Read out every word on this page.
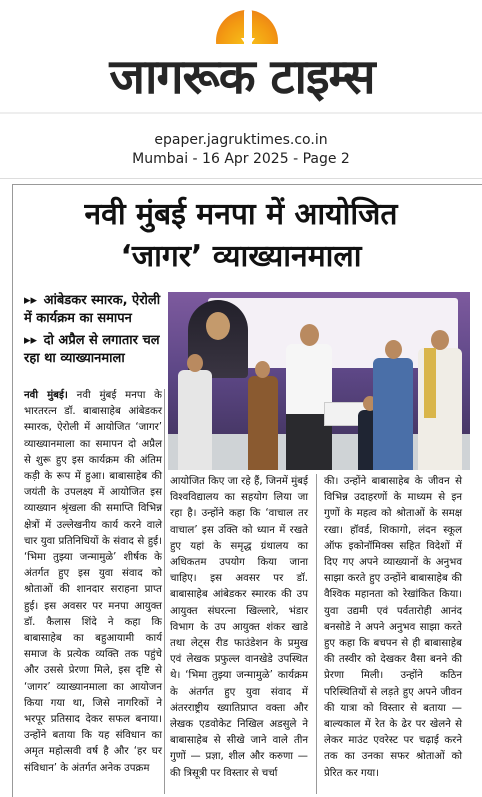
जागरूक टाइम्स
epaper.jagruktimes.co.in
Mumbai - 16 Apr 2025 - Page 2
नवी मुंबई मनपा में आयोजित
‘जागर’ व्याख्यानमाला
▸▸ आंबेडकर स्मारक, ऐरोली में कार्यक्रम का समापन
▸▸ दो अप्रैल से लगातार चल रहा था व्याख्यानमाला
नवी मुंबई। नवी मुंबई मनपा के भारतरत्न डॉ. बाबासाहेब आंबेडकर स्मारक, ऐरोली में आयोजित ‘जागर’ व्याख्यानमाला का समापन दो अप्रैल से शुरू हुए इस कार्यक्रम की अंतिम कड़ी के रूप में हुआ। बाबासाहेब की जयंती के उपलक्ष्य में आयोजित इस व्याख्यान श्रृंखला की समाप्ति विभिन्न क्षेत्रों में उल्लेखनीय कार्य करने वाले चार युवा प्रतिनिधियों के संवाद से हुई। ‘भिमा तुझ्या जन्मामुळे’ शीर्षक के अंतर्गत हुए इस युवा संवाद को श्रोताओं की शानदार सराहना प्राप्त हुई। इस अवसर पर मनपा आयुक्त डॉ. कैलास शिंदे ने कहा कि बाबासाहेब का बहुआयामी कार्य समाज के प्रत्येक व्यक्ति तक पहुंचे और उससे प्रेरणा मिले, इस दृष्टि से ‘जागर’ व्याख्यानमाला का आयोजन किया गया था, जिसे नागरिकों ने भरपूर प्रतिसाद देकर सफल बनाया। उन्होंने बताया कि यह संविधान का अमृत महोत्सवी वर्ष है और ‘हर घर संविधान’ के अंतर्गत अनेक उपक्रम
आयोजित किए जा रहे हैं, जिनमें मुंबई विश्वविद्यालय का सहयोग लिया जा रहा है। उन्होंने कहा कि ‘वाचाल तर वाचाल’ इस उक्ति को ध्यान में रखते हुए यहां के समृद्ध ग्रंथालय का अधिकतम उपयोग किया जाना चाहिए। इस अवसर पर डॉ. बाबासाहेब आंबेडकर स्मारक की उप आयुक्त संघरत्ना खिल्लारे, भंडार विभाग के उप आयुक्त शंकर खाडे तथा लेट्स रीड फाउंडेशन के प्रमुख एवं लेखक प्रफुल्ल वानखेडे उपस्थित थे। ‘भिमा तुझ्या जन्मामुळे’ कार्यक्रम के अंतर्गत हुए युवा संवाद में अंतरराष्ट्रीय ख्यातिप्राप्त वक्ता और लेखक एडवोकेट निखिल अडसुले ने बाबासाहेब से सीखे जाने वाले तीन गुणों — प्रज्ञा, शील और करुणा — की त्रिसूत्री पर विस्तार से चर्चा
की। उन्होंने बाबासाहेब के जीवन से विभिन्न उदाहरणों के माध्यम से इन गुणों के महत्व को श्रोताओं के समक्ष रखा। हॉवर्ड, शिकागो, लंदन स्कूल ऑफ इकोनॉमिक्स सहित विदेशों में दिए गए अपने व्याख्यानों के अनुभव साझा करते हुए उन्होंने बाबासाहेब की वैश्विक महानता को रेखांकित किया। युवा उद्यमी एवं पर्वतारोही आनंद बनसोडे ने अपने अनुभव साझा करते हुए कहा कि बचपन से ही बाबासाहेब की तस्वीर को देखकर वैसा बनने की प्रेरणा मिली। उन्होंने कठिन परिस्थितियों से लड़ते हुए अपने जीवन की यात्रा को विस्तार से बताया — बाल्यकाल में रेत के ढेर पर खेलने से लेकर माउंट एवरेस्ट पर चढ़ाई करने तक का उनका सफर श्रोताओं को प्रेरित कर गया।
